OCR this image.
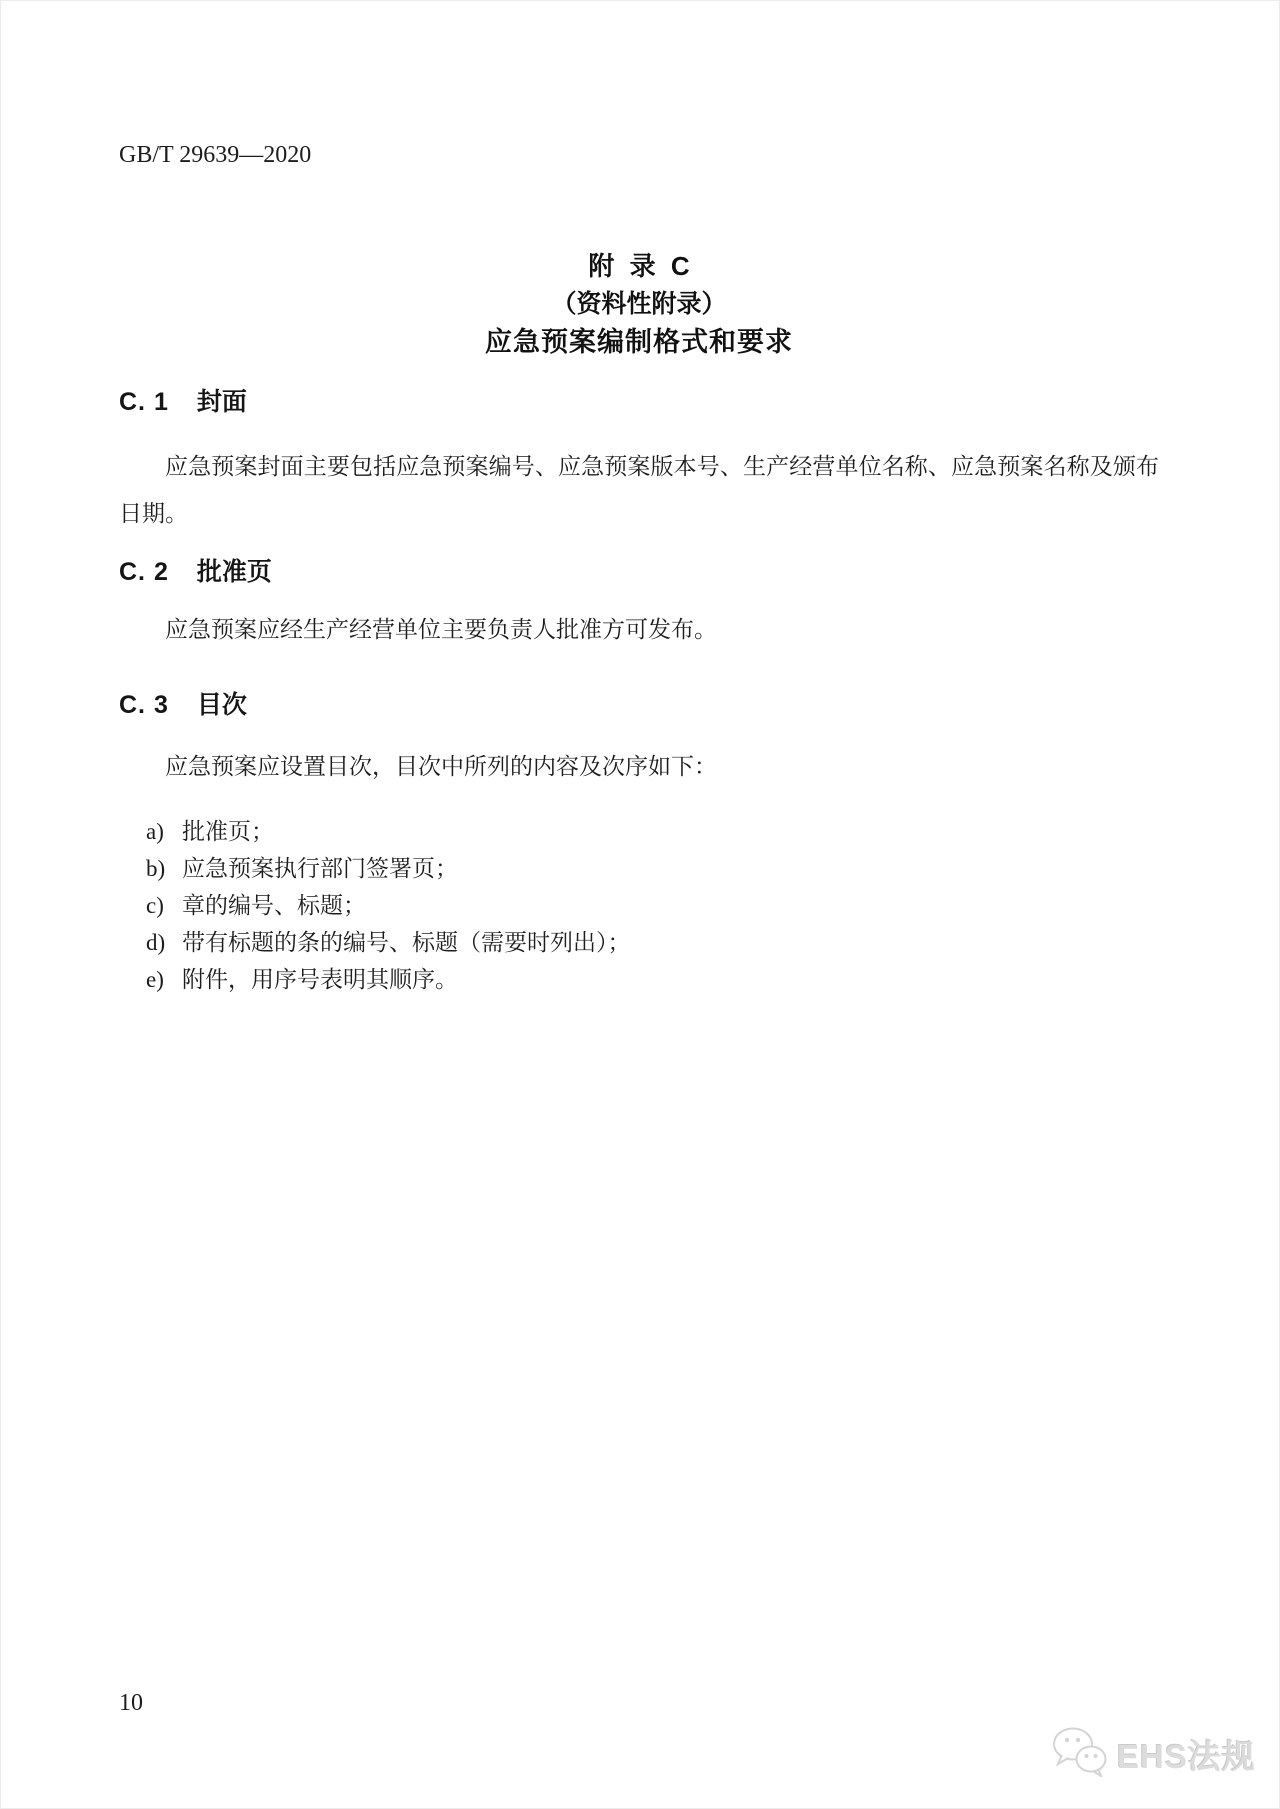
GB/T 29639—2020
附 录 C
（资料性附录）
应急预案编制格式和要求
C. 1 封面

应急预案封面主要包括应急预案编号、应急预案版本号、生产经营单位名称、应急预案名称及颁布日期。

C. 2 批准页

应急预案应经生产经营单位主要负责人批准方可发布。

C. 3 目次

应急预案应设置目次，目次中所列的内容及次序如下：

a) 批准页；
b) 应急预案执行部门签署页；
c) 章的编号、标题；
d) 带有标题的条的编号、标题（需要时列出）；
e) 附件，用序号表明其顺序。
10
EHS法规
